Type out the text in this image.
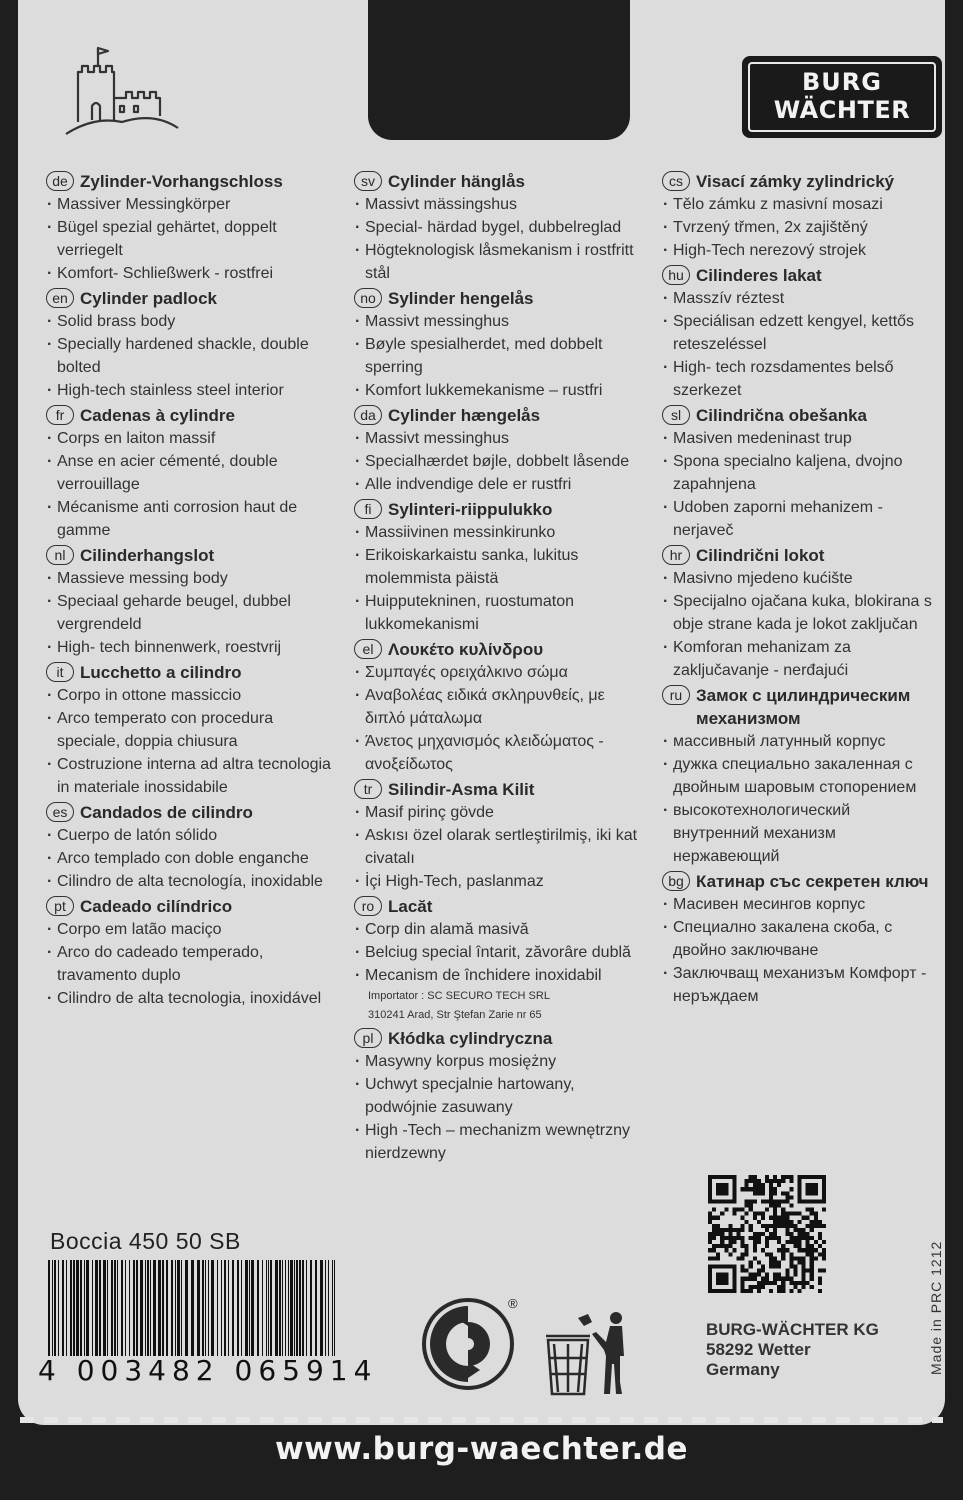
BURG
WÄCHTER
de Zylinder-Vorhangschloss
· Massiver Messingkörper
· Bügel spezial gehärtet, doppelt verriegelt
· Komfort- Schließwerk - rostfrei
en Cylinder padlock
· Solid brass body
· Specially hardened shackle, double bolted
· High-tech stainless steel interior
fr Cadenas à cylindre
· Corps en laiton massif
· Anse en acier cémenté, double verrouillage
· Mécanisme anti corrosion haut de gamme
nl Cilinderhangslot
· Massieve messing body
· Speciaal geharde beugel, dubbel vergrendeld
· High- tech binnenwerk, roestvrij
it Lucchetto a cilindro
· Corpo in ottone massiccio
· Arco temperato con procedura speciale, doppia chiusura
· Costruzione interna ad altra tecnologia in materiale inossidabile
es Candados de cilindro
· Cuerpo de latón sólido
· Arco templado con doble enganche
· Cilindro de alta tecnología, inoxidable
pt Cadeado cilíndrico
· Corpo em latão maciço
· Arco do cadeado temperado, travamento duplo
· Cilindro de alta tecnologia, inoxidável
sv Cylinder hänglås
· Massivt mässingshus
· Special- härdad bygel, dubbelreglad
· Högteknologisk låsmekanism i rostfritt stål
no Sylinder hengelås
· Massivt messinghus
· Bøyle spesialherdet, med dobbelt sperring
· Komfort lukkemekanisme – rustfri
da Cylinder hængelås
· Massivt messinghus
· Specialhærdet bøjle, dobbelt låsende
· Alle indvendige dele er rustfri
fi Sylinteri-riippulukko
· Massiivinen messinkirunko
· Erikoiskarkaistu sanka, lukitus molemmista päistä
· Huipputekninen, ruostumaton lukkomekanismi
el Λουκέτο κυλίνδρου
· Συμπαγές ορειχάλκινο σώμα
· Αναβολέας ειδικά σκληρυνθείς, με διπλό μάταλωμα
· Άνετος μηχανισμός κλειδώματος - ανοξείδωτος
tr Silindir-Asma Kilit
· Masif pirinç gövde
· Askısı özel olarak sertleştirilmiş, iki kat civatalı
· İçi High-Tech, paslanmaz
ro Lacăt
· Corp din alamă masivă
· Belciug special întarit, zăvorâre dublă
· Mecanism de închidere inoxidabil
Importator : SC SECURO TECH SRL
310241 Arad, Str Ştefan Zarie nr 65
pl Kłódka cylindryczna
· Masywny korpus mosiężny
· Uchwyt specjalnie hartowany, podwójnie zasuwany
· High -Tech – mechanizm wewnętrzny nierdzewny
cs Visací zámky zylindrický
· Tělo zámku z masivní mosazi
· Tvrzený třmen, 2x zajištěný
· High-Tech nerezový strojek
hu Cilinderes lakat
· Masszív réztest
· Speciálisan edzett kengyel, kettős reteszeléssel
· High- tech rozsdamentes belső szerkezet
sl Cilindrična obešanka
· Masiven medeninast trup
· Spona specialno kaljena, dvojno zapahnjena
· Udoben zaporni mehanizem - nerjaveč
hr Cilindrični lokot
· Masivno mjedeno kućište
· Specijalno ojačana kuka, blokirana s obje strane kada je lokot zaključan
· Komforan mehanizam za zaključavanje - nerđajući
ru Замок с цилиндрическим механизмом
· массивный латунный корпус
· дужка специально закаленная с двойным шаровым стопорением
· высокотехнологический внутренний механизм нержавеющий
bg Катинар със секретен ключ
· Масивен месингов корпус
· Специално закалена скоба, с двойно заключване
· Заключващ механизъм Комфорт - неръждаем
Boccia 450 50 SB
4 003482 065914
®
BURG-WÄCHTER KG
58292 Wetter
Germany	Made in PRC 1212
www.burg-waechter.de
